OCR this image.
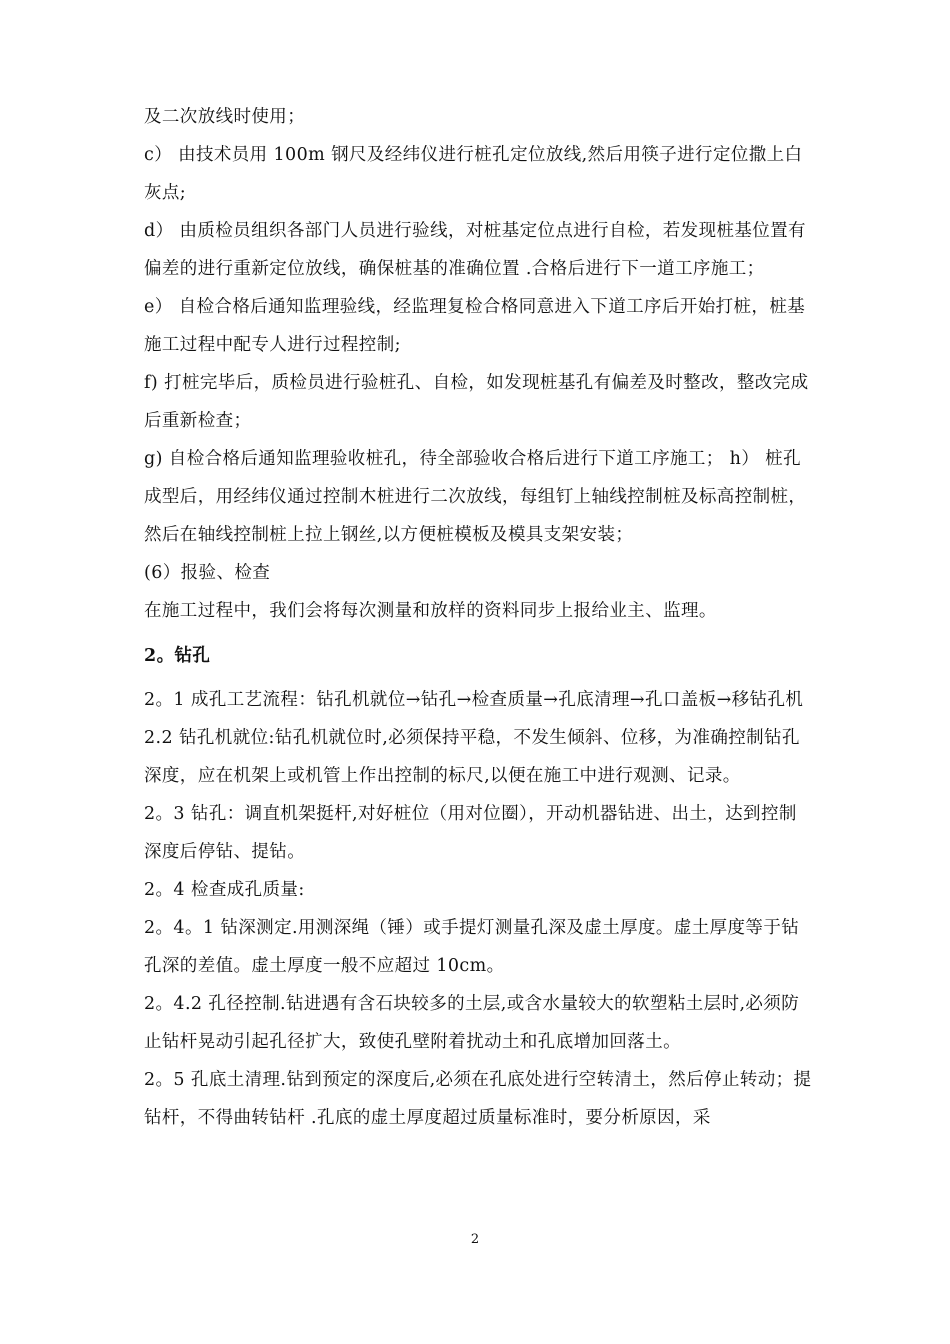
及二次放线时使用；

c） 由技术员用 100m 钢尺及经纬仪进行桩孔定位放线,然后用筷子进行定位撒上白灰点;

d） 由质检员组织各部门人员进行验线，对桩基定位点进行自检，若发现桩基位置有偏差的进行重新定位放线，确保桩基的准确位置 .合格后进行下一道工序施工；

e） 自检合格后通知监理验线，经监理复检合格同意进入下道工序后开始打桩，桩基施工过程中配专人进行过程控制;

f) 打桩完毕后，质检员进行验桩孔、自检，如发现桩基孔有偏差及时整改，整改完成后重新检查；

g) 自检合格后通知监理验收桩孔，待全部验收合格后进行下道工序施工； h） 桩孔成型后，用经纬仪通过控制木桩进行二次放线，每组钉上轴线控制桩及标高控制桩，然后在轴线控制桩上拉上钢丝,以方便桩模板及模具支架安装；

(6）报验、检查

在施工过程中，我们会将每次测量和放样的资料同步上报给业主、监理。

2。钻孔

2。1 成孔工艺流程：钻孔机就位→钻孔→检查质量→孔底清理→孔口盖板→移钻孔机

2.2 钻孔机就位:钻孔机就位时,必须保持平稳，不发生倾斜、位移，为准确控制钻孔深度，应在机架上或机管上作出控制的标尺,以便在施工中进行观测、记录。

2。3 钻孔：调直机架挺杆,对好桩位（用对位圈），开动机器钻进、出土，达到控制深度后停钻、提钻。

2。4 检查成孔质量:

2。4。1 钻深测定.用测深绳（锤）或手提灯测量孔深及虚土厚度。虚土厚度等于钻孔深的差值。虚土厚度一般不应超过 10cm。

2。4.2 孔径控制.钻进遇有含石块较多的土层,或含水量较大的软塑粘土层时,必须防止钻杆晃动引起孔径扩大，致使孔壁附着扰动土和孔底增加回落土。

2。5 孔底土清理.钻到预定的深度后,必须在孔底处进行空转清土，然后停止转动；提钻杆，不得曲转钻杆 .孔底的虚土厚度超过质量标准时，要分析原因，采

2
